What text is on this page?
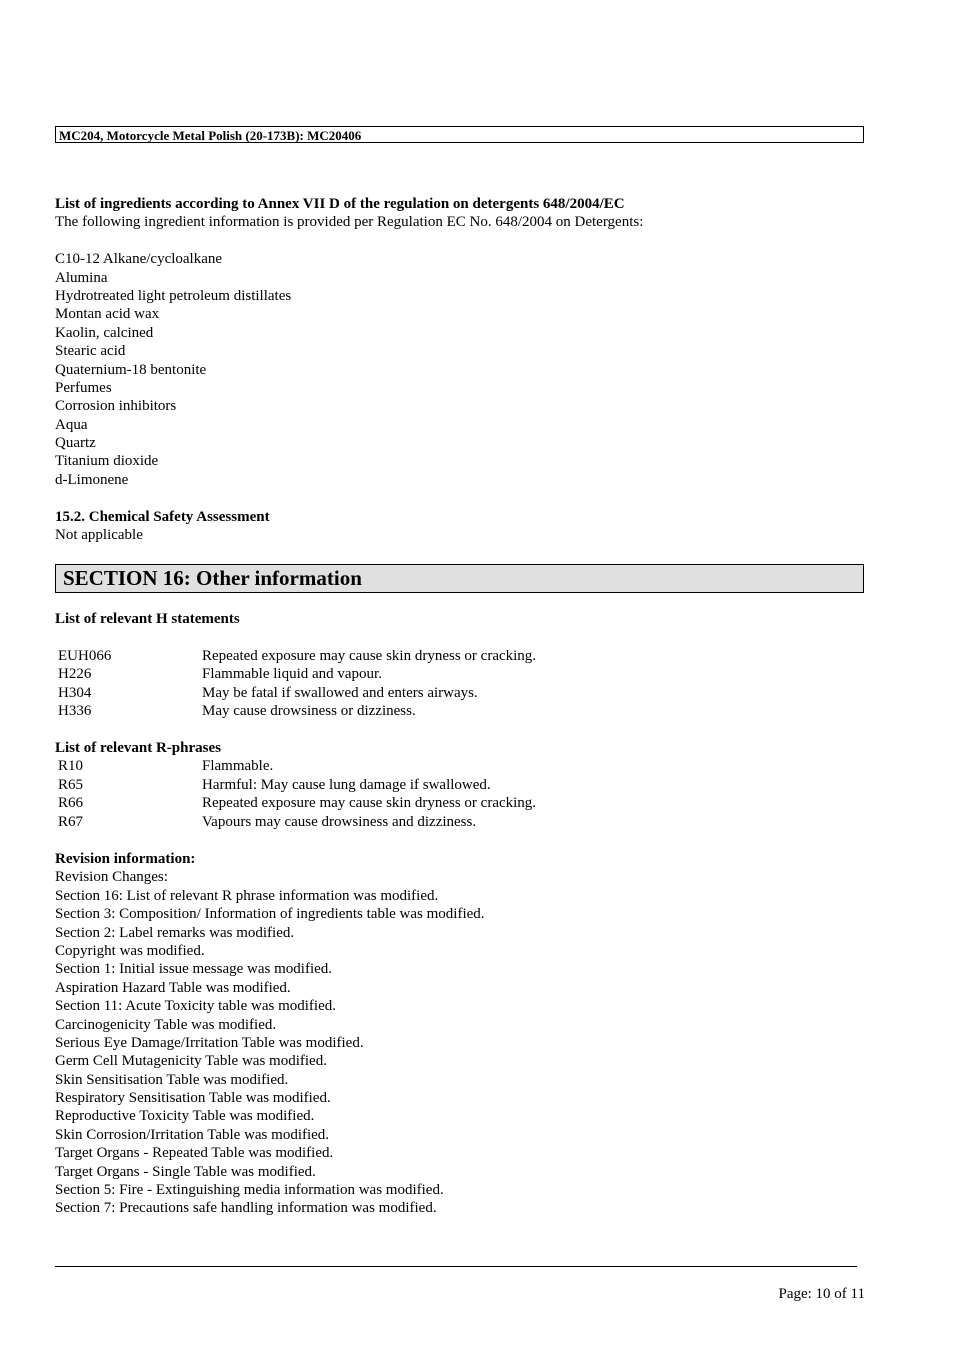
MC204, Motorcycle Metal Polish (20-173B): MC20406
List of ingredients according to Annex VII D of the regulation on detergents 648/2004/EC
The following ingredient information is provided per Regulation EC No. 648/2004 on Detergents:
C10-12 Alkane/cycloalkane
Alumina
Hydrotreated light petroleum distillates
Montan acid wax
Kaolin, calcined
Stearic acid
Quaternium-18 bentonite
Perfumes
Corrosion inhibitors
Aqua
Quartz
Titanium dioxide
d-Limonene
15.2. Chemical Safety Assessment
Not applicable
SECTION 16: Other information
List of relevant H statements
EUH066	Repeated exposure may cause skin dryness or cracking.
H226	Flammable liquid and vapour.
H304	May be fatal if swallowed and enters airways.
H336	May cause drowsiness or dizziness.
List of relevant R-phrases
R10	Flammable.
R65	Harmful: May cause lung damage if swallowed.
R66	Repeated exposure may cause skin dryness or cracking.
R67	Vapours may cause drowsiness and dizziness.
Revision information:
Revision Changes:
Section 16: List of relevant R phrase information was modified.
Section 3: Composition/ Information of ingredients table was modified.
Section 2: Label remarks was modified.
Copyright was modified.
Section 1: Initial issue message was modified.
Aspiration Hazard Table was modified.
Section 11: Acute Toxicity table was modified.
Carcinogenicity Table was modified.
Serious Eye Damage/Irritation Table was modified.
Germ Cell Mutagenicity Table was modified.
Skin Sensitisation Table was modified.
Respiratory Sensitisation Table was modified.
Reproductive Toxicity Table was modified.
Skin Corrosion/Irritation Table was modified.
Target Organs - Repeated Table was modified.
Target Organs - Single Table was modified.
Section 5: Fire - Extinguishing media information was modified.
Section 7: Precautions safe handling information was modified.
Page: 10 of 11
